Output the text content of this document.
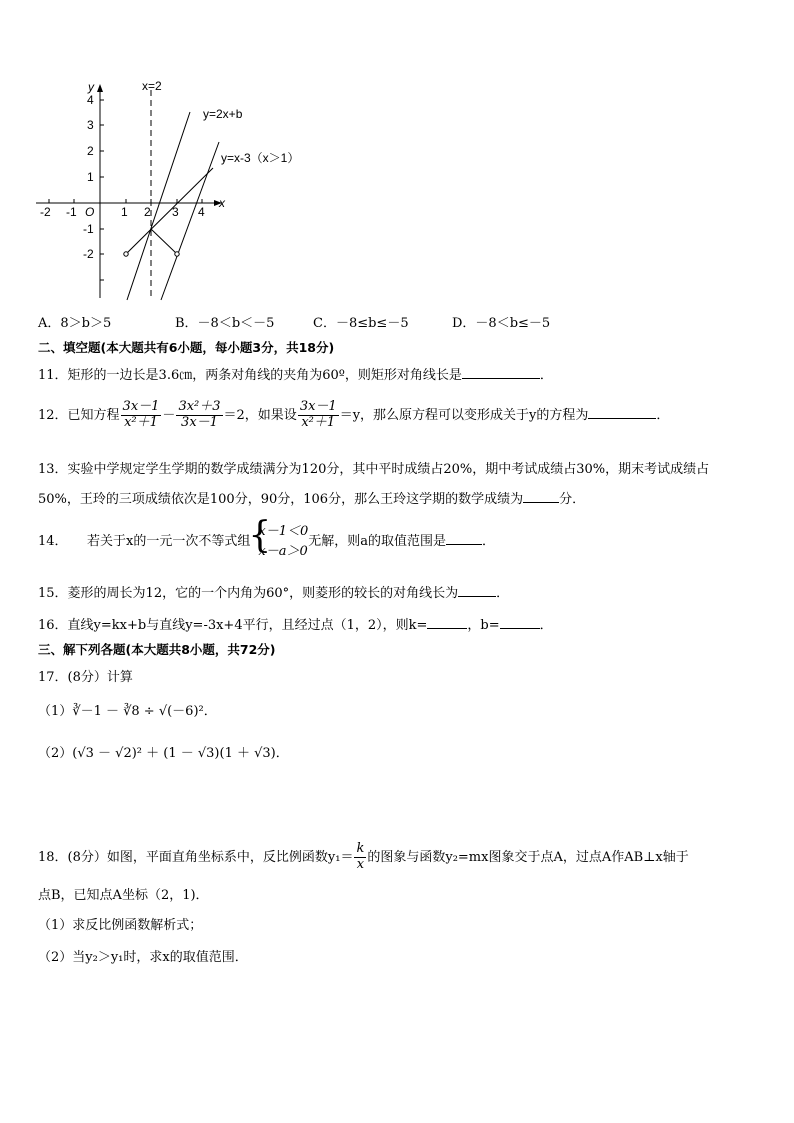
y
x
O
x=2
y=2x+b
y=x-3（x＞1）
-2 -1	1 2 3 4
4
3
2
1
-1
-2
A．8＞b＞5	B．－8＜b＜－5	C．－8≤b≤－5	D．－8＜b≤－5
二、填空题(本大题共有6小题，每小题3分，共18分)
11．矩形的一边长是3.6㎝，两条对角线的夹角为60º，则矩形对角线长是	．
12．已知方程 $\frac{3x-1}{\text{x²＋1}} - \frac{\text{3x²＋3}}{3x-1} =2$，如果设 $\frac{3x-1}{\text{x²＋1}} =y$，那么原方程可以变形成关于y的方程为	．
13．实验中学规定学生学期的数学成绩满分为120分，其中平时成绩占20%，期中考试成绩占30%，期末考试成绩占
50%，王玲的三项成绩依次是100分，90分，106分，那么王玲这学期的数学成绩为	分．
14．　　若关于x的一元一次不等式组
{
x－1＜0
x－a＞0
无解，则a的取值范围是	．
15．菱形的周长为12，它的一个内角为60°，则菱形的较长的对角线长为	．
16．直线y=kx+b与直线y=-3x+4平行，且经过点（1，2），则k=	，b=	．
三、解下列各题(本大题共8小题，共72分)
17．(8分）计算
（1）∛－1 － ∛8 ÷ √(－6)²．
（2）(√3 － √2)² ＋ (1 － √3)(1 ＋ √3)．
18．(8分）如图，平面直角坐标系中，反比例函数$y_1= \frac{k}{x}$ 的图象与函数y₂=mx图象交于点A，过点A作AB⊥x轴于
点B，已知点A坐标（2，1)．
（1）求反比例函数解析式；
（2）当y₂＞y₁时，求x的取值范围．
